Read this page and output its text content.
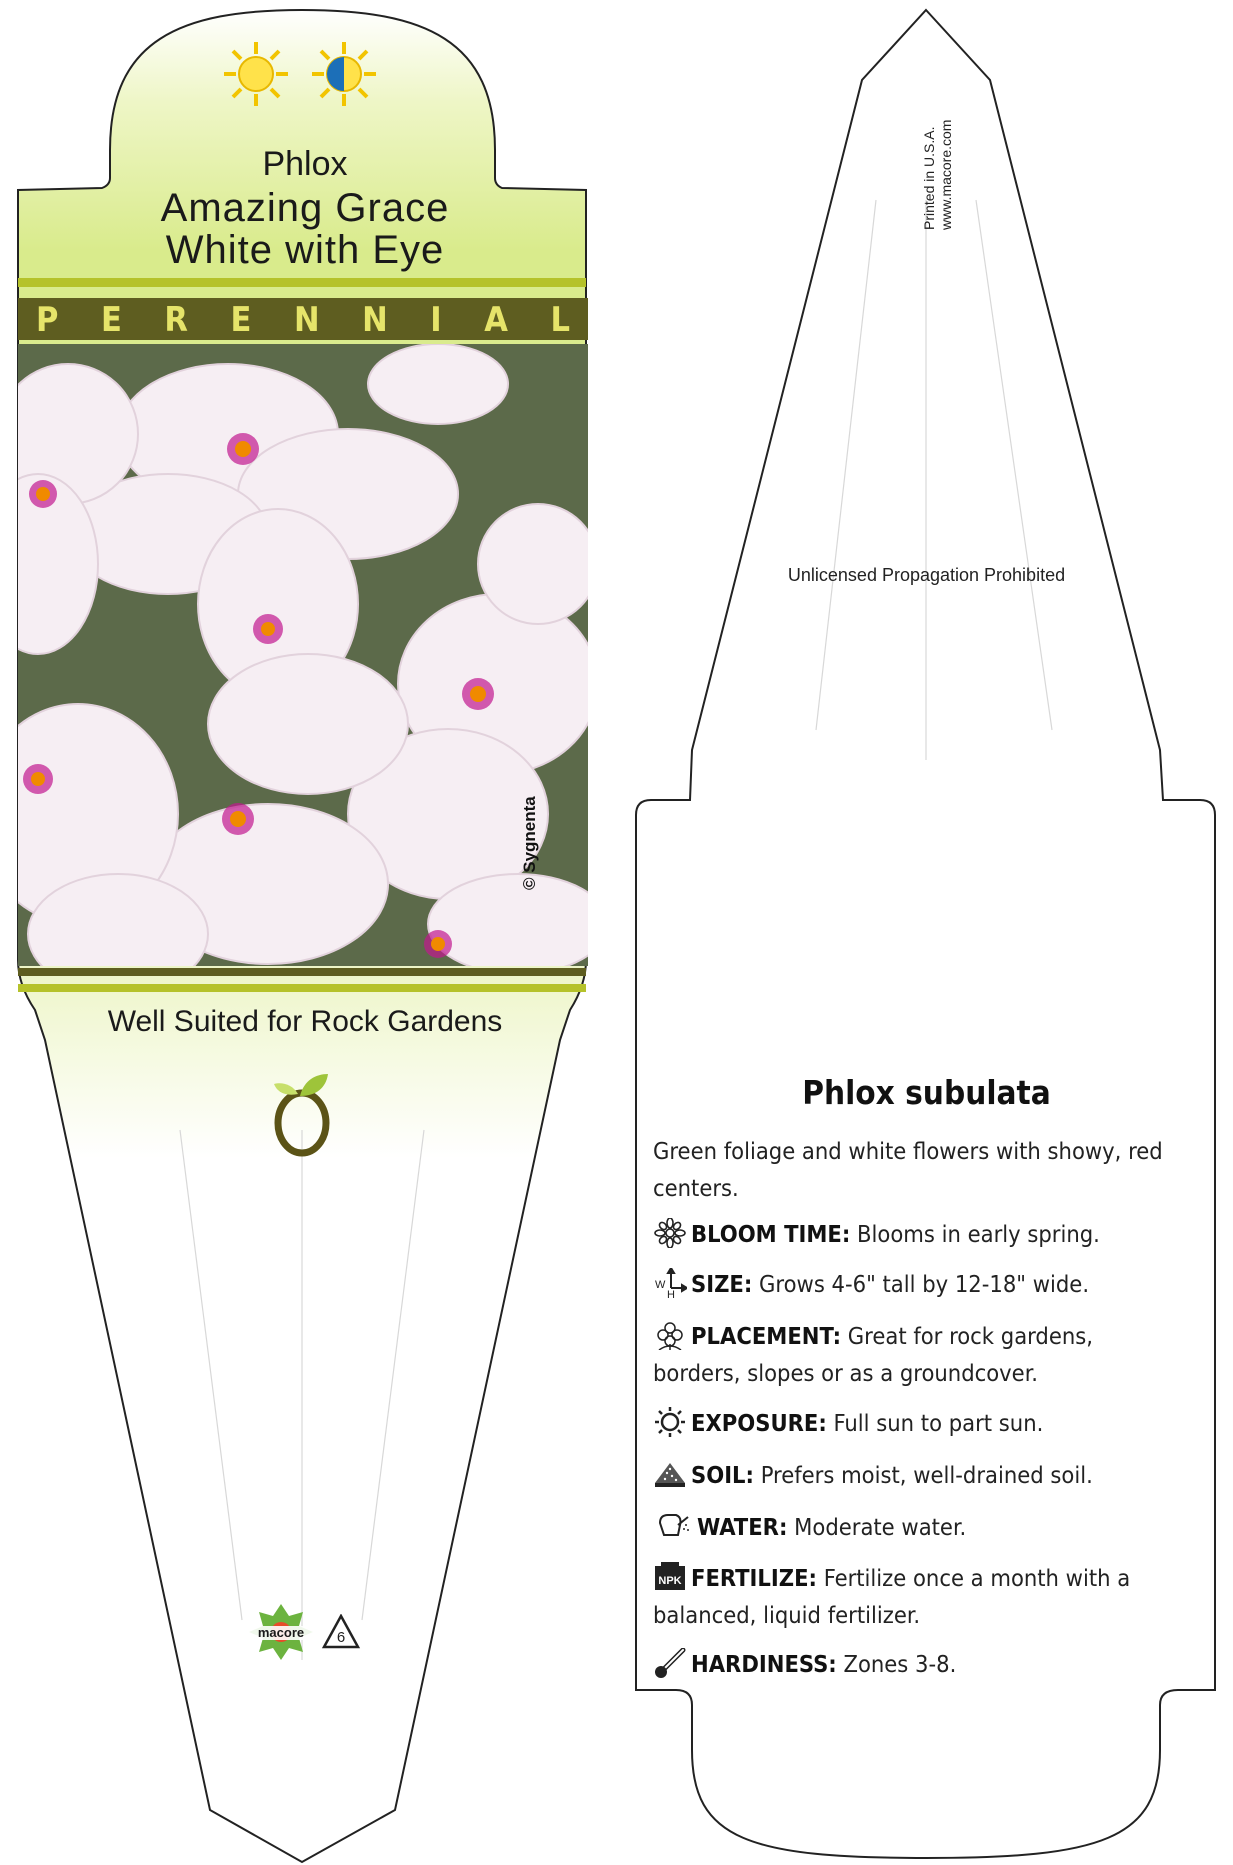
Phlox
Amazing Grace
White with Eye
P E R E N N I A L
© Sygnenta
Well Suited for Rock Gardens
macore 6
Printed in U.S.A. www.macore.com
Unlicensed Propagation Prohibited
Phlox subulata
Green foliage and white flowers with showy, red centers.
BLOOM TIME: Blooms in early spring.
W
H SIZE: Grows 4-6" tall by 12-18" wide.
PLACEMENT: Great for rock gardens, borders, slopes or as a groundcover.
EXPOSURE: Full sun to part sun.
SOIL: Prefers moist, well-drained soil.
WATER: Moderate water.
NPK FERTILIZE: Fertilize once a month with a balanced, liquid fertilizer.
HARDINESS: Zones 3-8.
